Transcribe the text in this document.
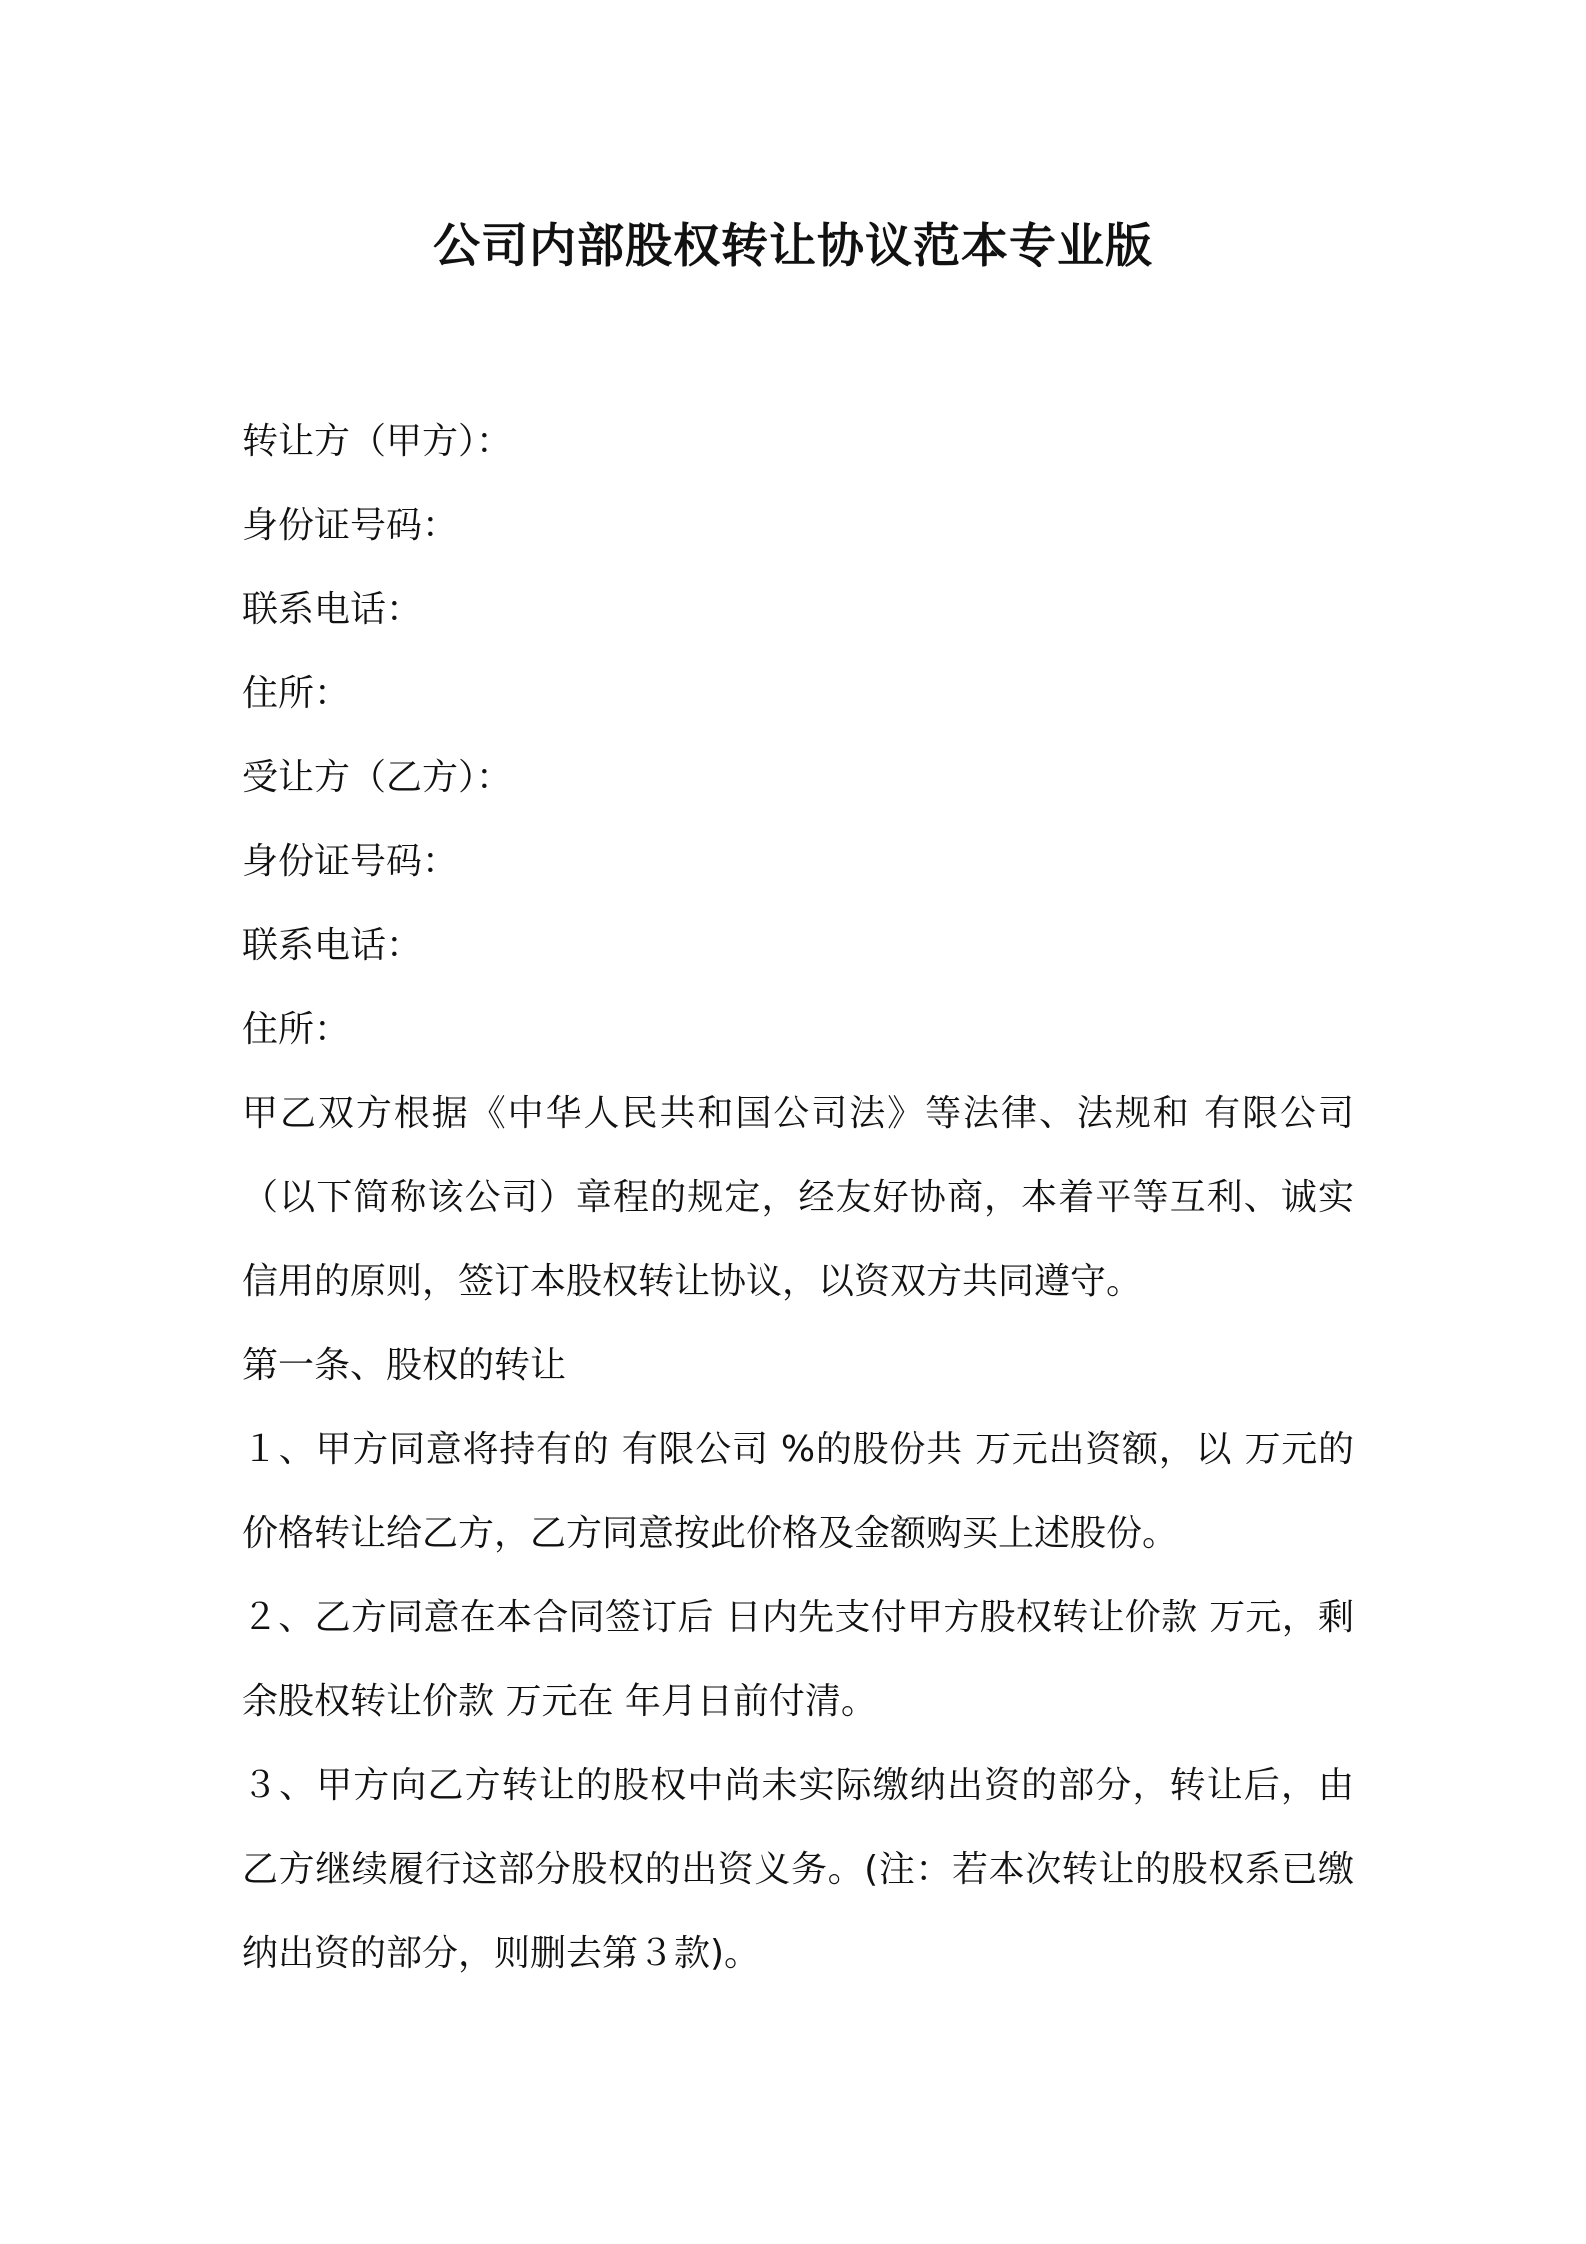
公司内部股权转让协议范本专业版
转让方（甲方）：
身份证号码：
联系电话：
住所：
受让方（乙方）：
身份证号码：
联系电话：
住所：
甲乙双方根据《中华人民共和国公司法》等法律、法规和 有限公司（以下简称该公司）章程的规定，经友好协商，本着平等互利、诚实信用的原则，签订本股权转让协议，以资双方共同遵守。
第一条、股权的转让
１、甲方同意将持有的 有限公司 %的股份共 万元出资额，以 万元的价格转让给乙方，乙方同意按此价格及金额购买上述股份。
２、乙方同意在本合同签订后 日内先支付甲方股权转让价款 万元，剩余股权转让价款 万元在 年月日前付清。
３、甲方向乙方转让的股权中尚未实际缴纳出资的部分，转让后，由乙方继续履行这部分股权的出资义务。(注：若本次转让的股权系已缴纳出资的部分，则删去第３款)。
